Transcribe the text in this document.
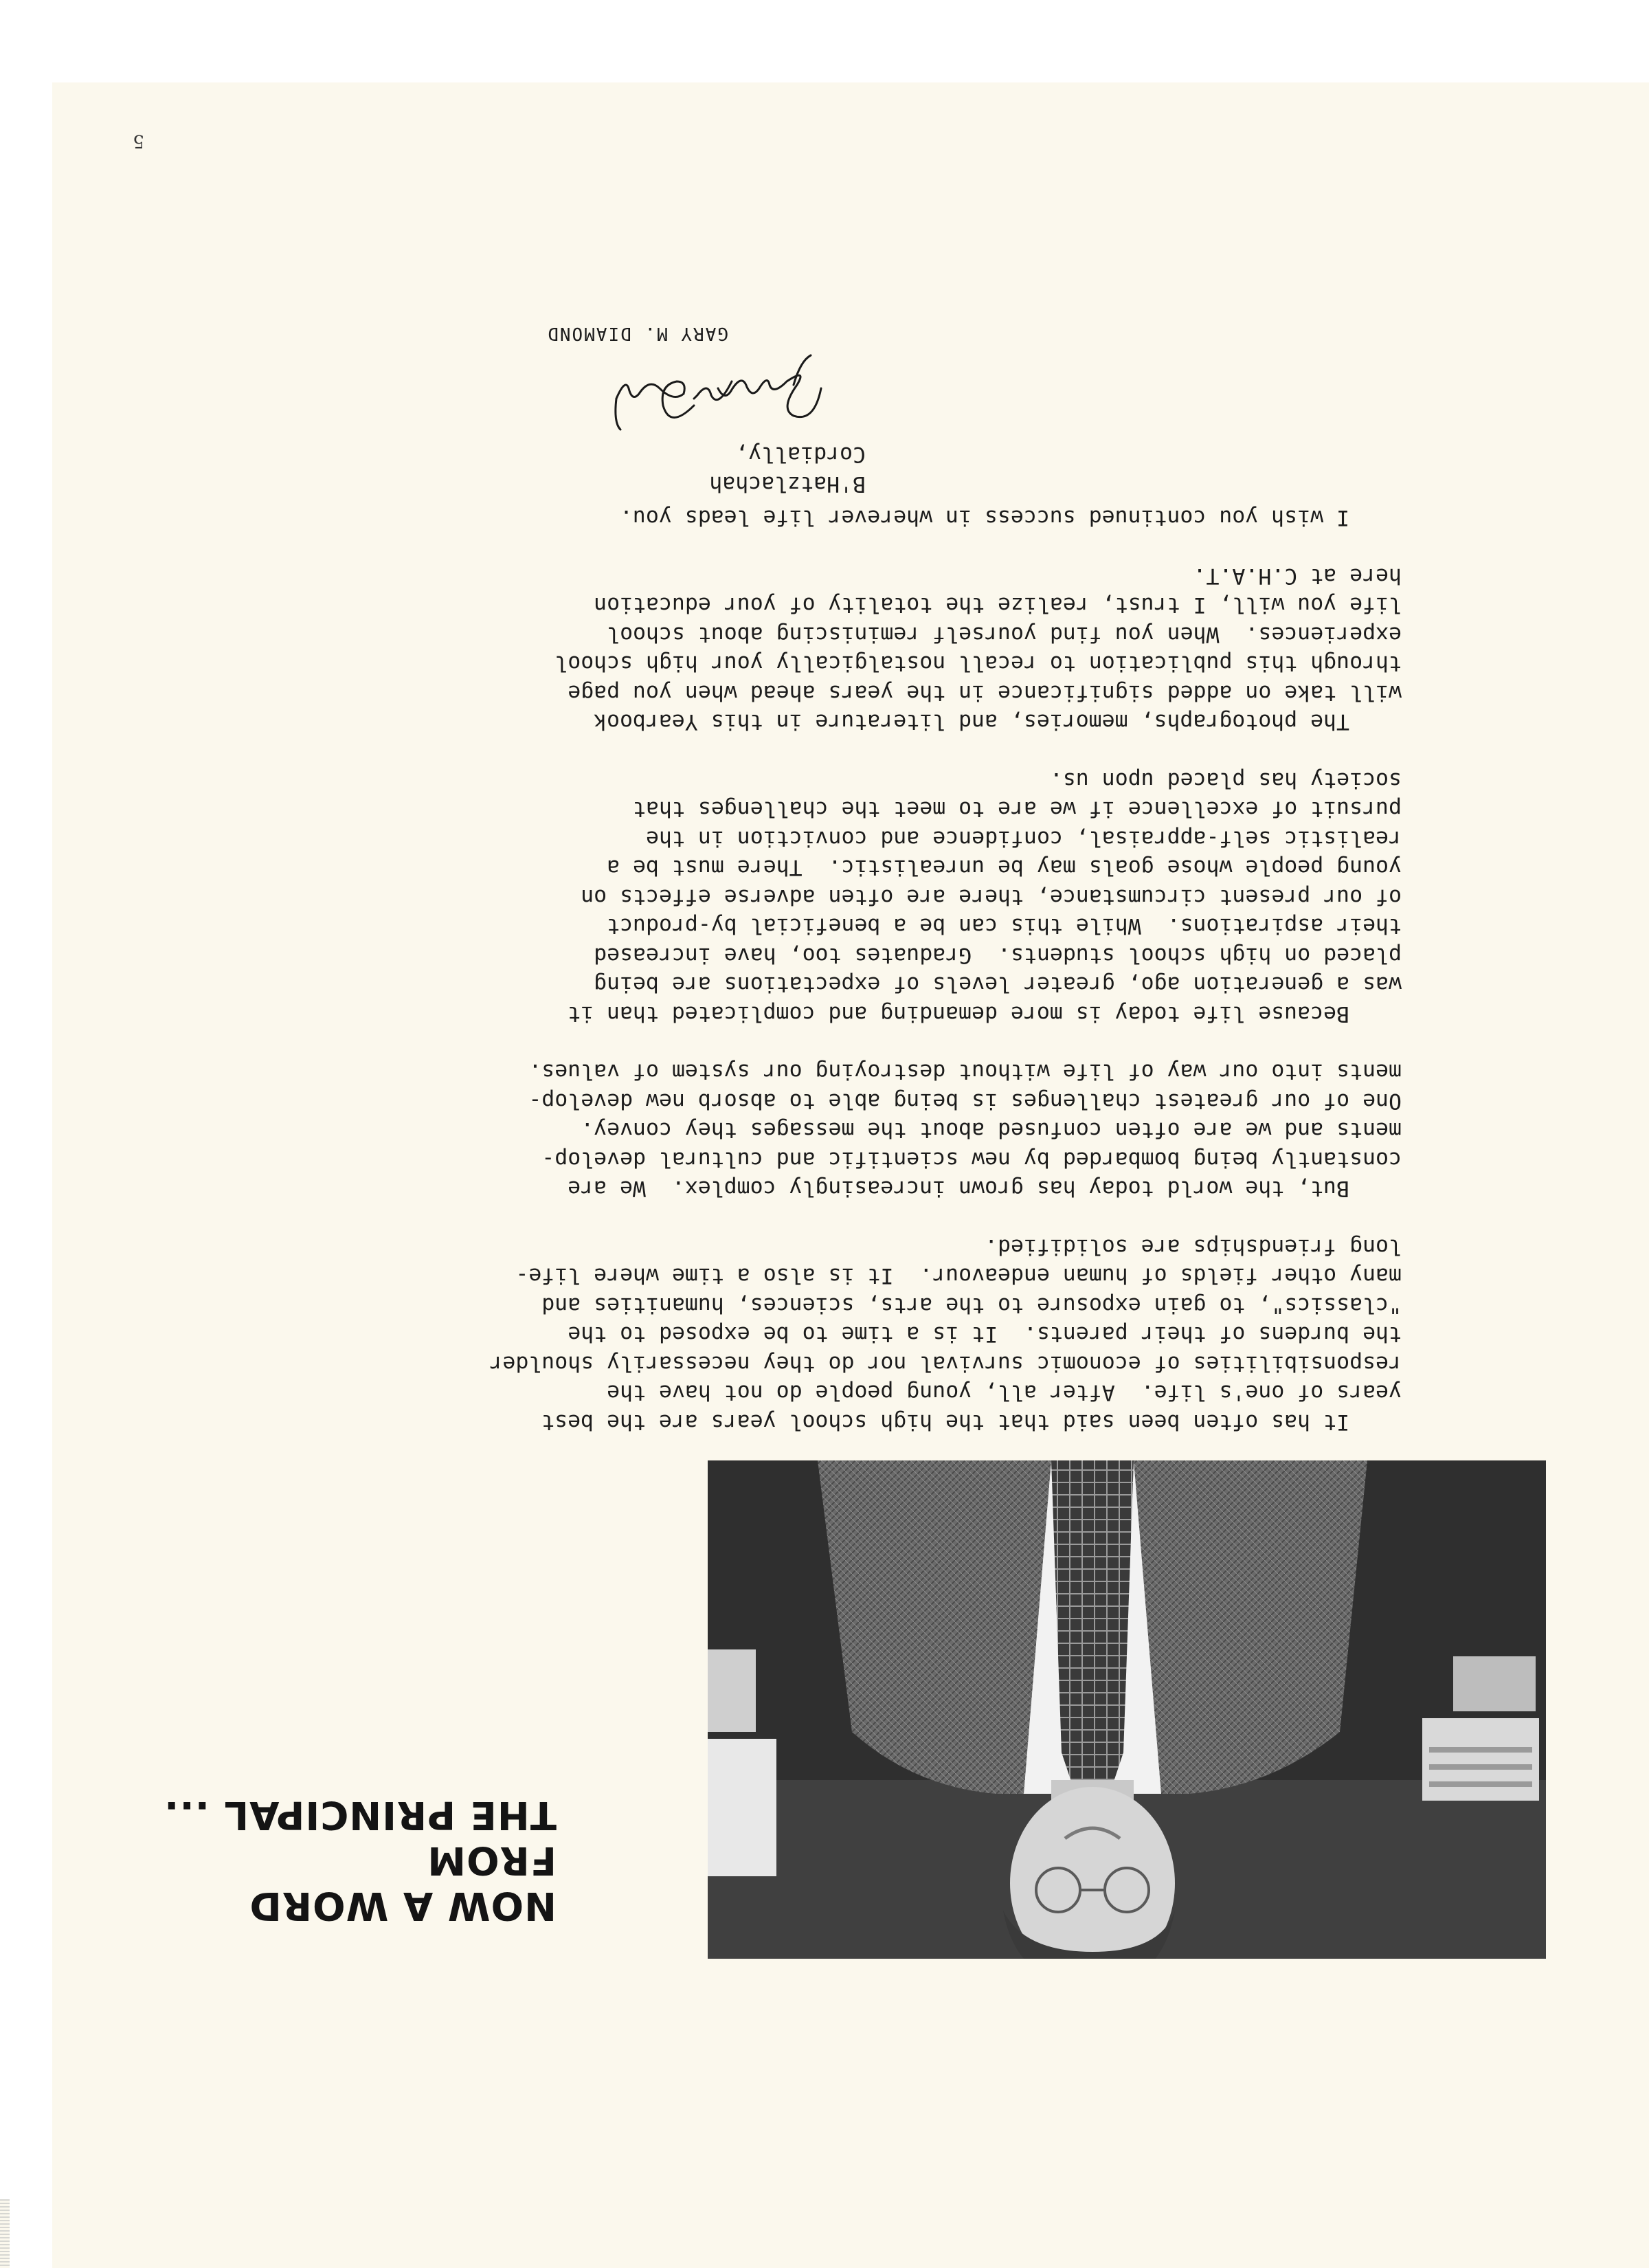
NOW A WORD
FROM
THE PRINCIPAL ...
It has often been said that the high school years are the best
years of one's life.  After all, young people do not have the
responsibilities of economic survival nor do they necessarily shoulder
the burdens of their parents.  It is a time to be exposed to the
"classics", to gain exposure to the arts, sciences, humanities and
many other fields of human endeavour.  It is also a time where life-
long friendships are solidified.
But, the world today has grown increasingly complex.  We are
constantly being bombarded by new scientific and cultural develop-
ments and we are often confused about the messages they convey.
One of our greatest challenges is being able to absorb new develop-
ments into our way of life without destroying our system of values.
Because life today is more demanding and complicated than it
was a generation ago, greater levels of expectations are being
placed on high school students.  Graduates too, have increased
their aspirations.  While this can be a beneficial by-product
of our present circumstance, there are often adverse effects on
young people whose goals may be unrealistic.  There must be a
realistic self-appraisal, confidence and conviction in the
pursuit of excellence if we are to meet the challenges that
society has placed upon us.
The photographs, memories, and literature in this Yearbook
will take on added significance in the years ahead when you page
through this publication to recall nostalgically your high school
experiences.  When you find yourself reminiscing about school
life you will, I trust, realize the totality of your education
here at C.H.A.T.
I wish you continued success in wherever life leads you.
B'Hatzlachah
Cordially,
GARY M. DIAMOND
5
